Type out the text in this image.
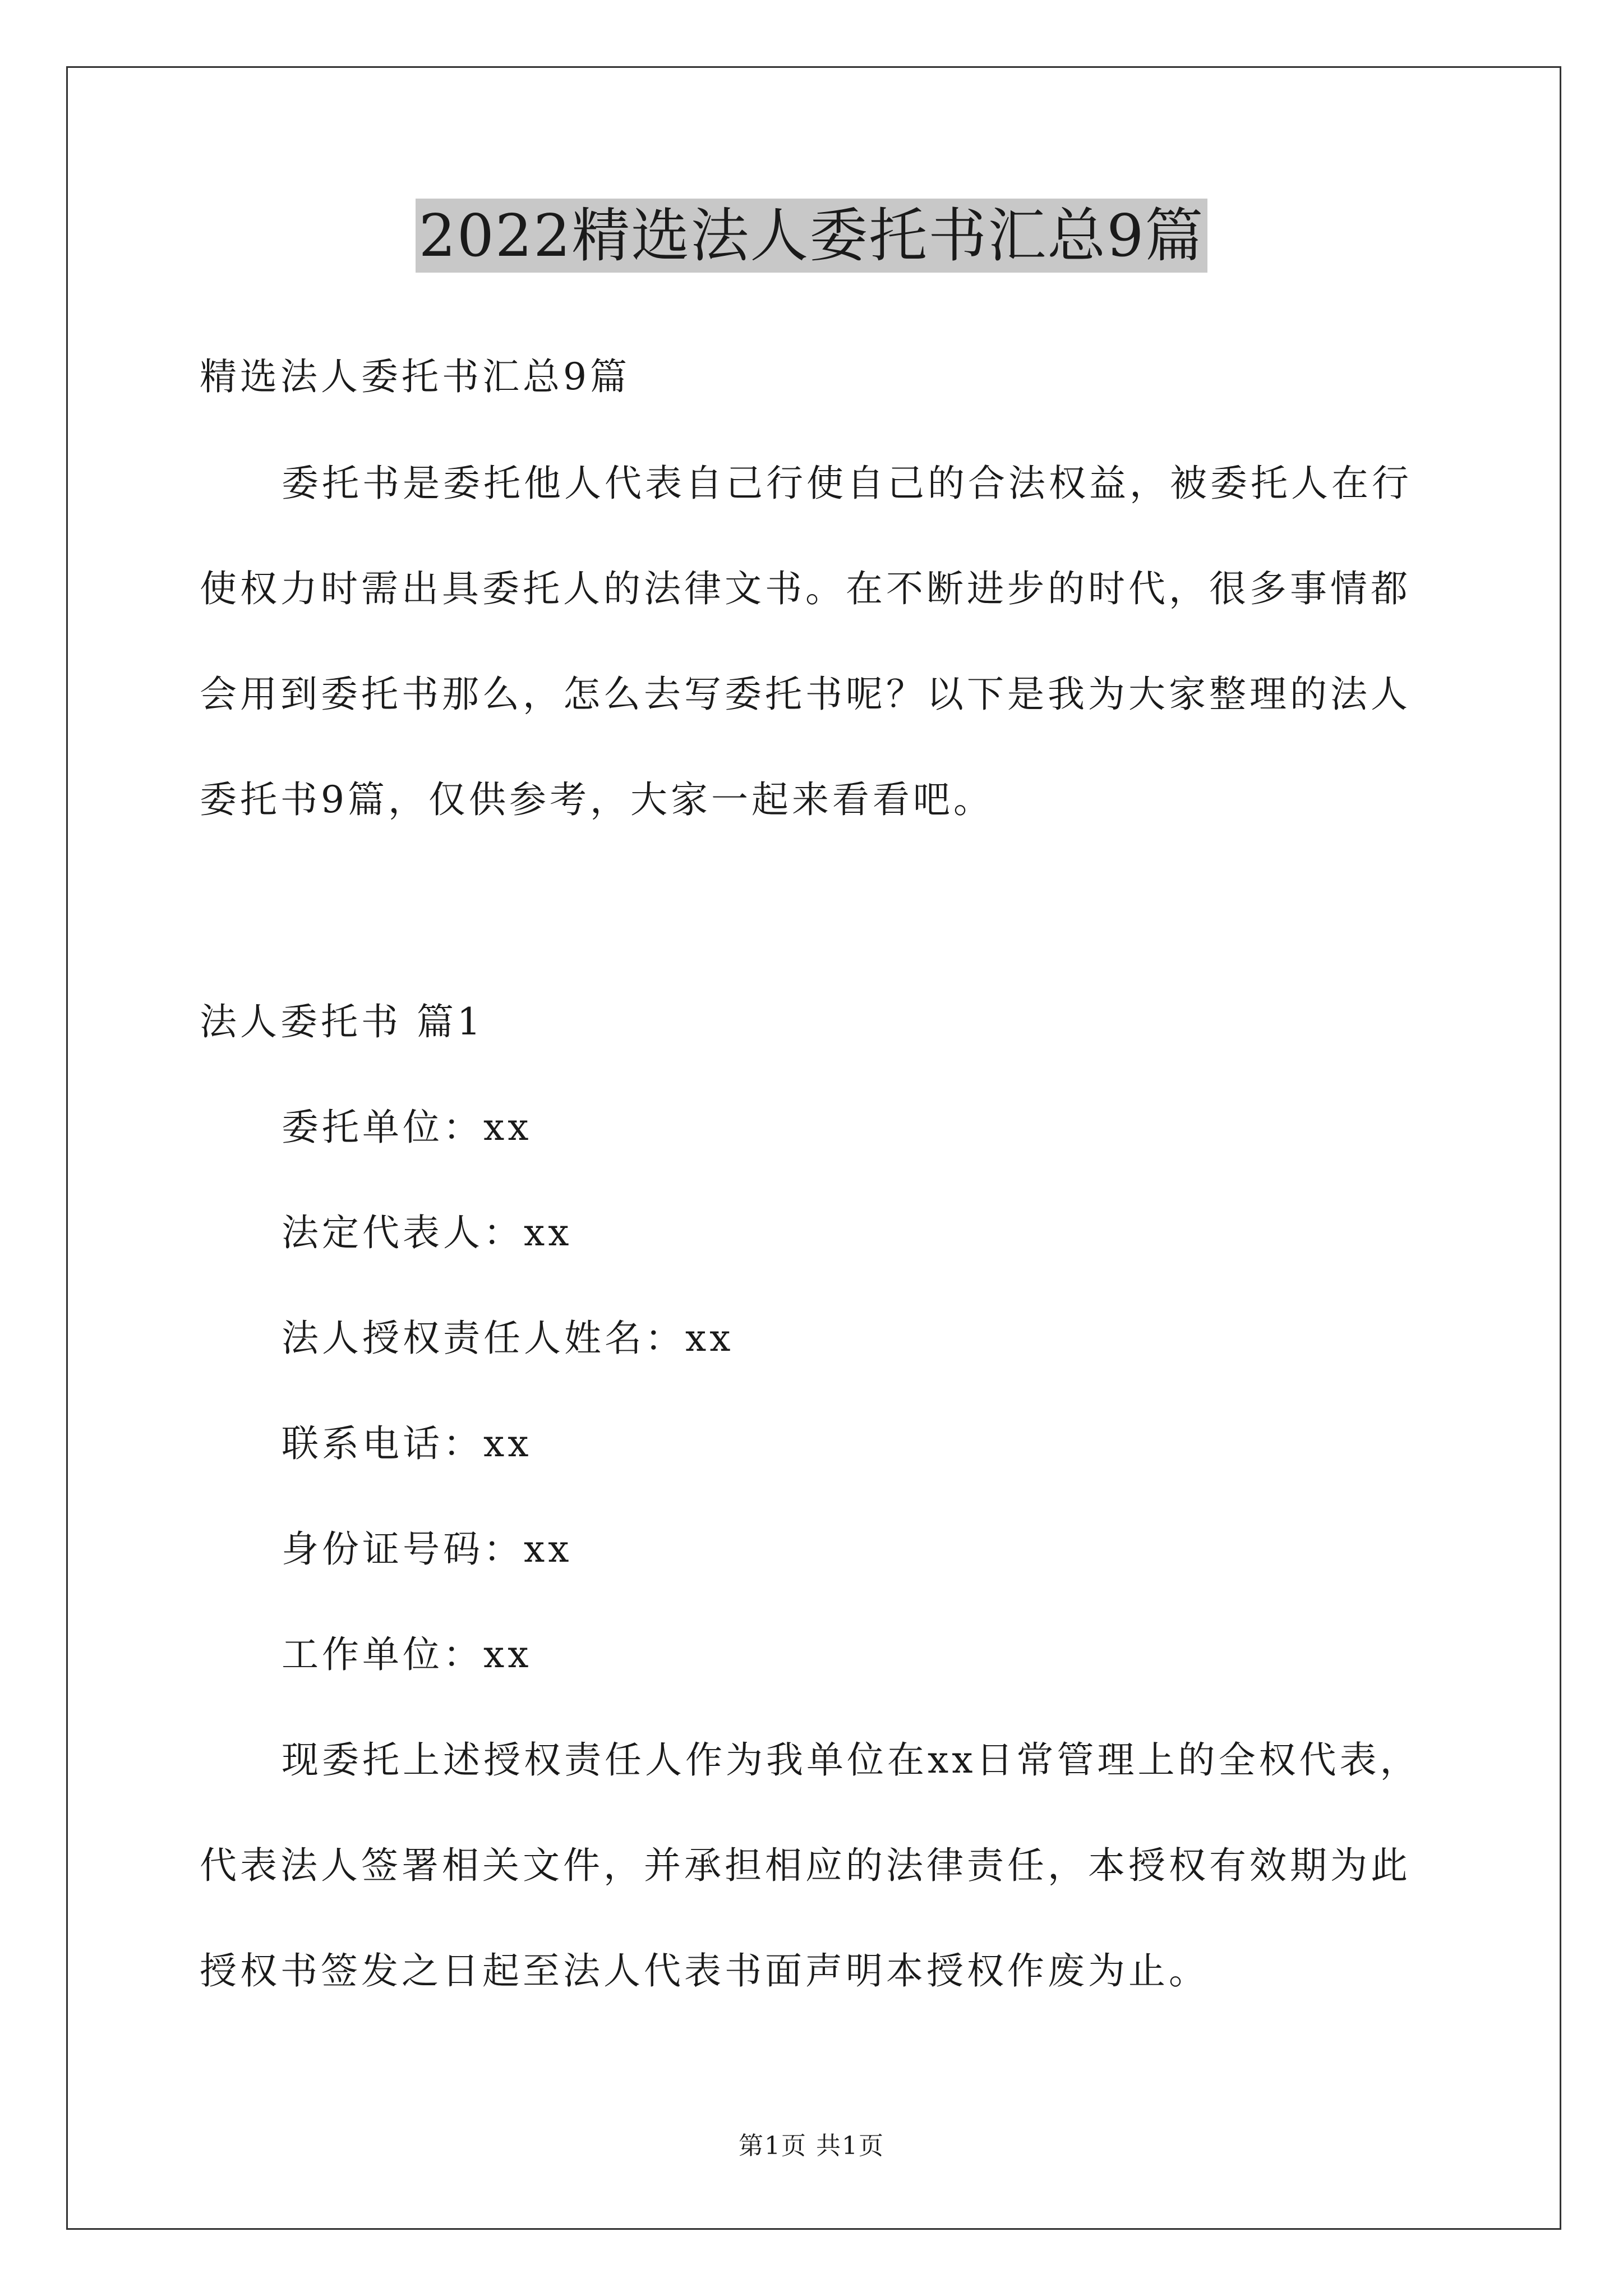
2022精选法人委托书汇总9篇
精选法人委托书汇总9篇
委托书是委托他人代表自己行使自己的合法权益，被委托人在行
使权力时需出具委托人的法律文书。在不断进步的时代，很多事情都
会用到委托书那么，怎么去写委托书呢？以下是我为大家整理的法人
委托书9篇，仅供参考，大家一起来看看吧。
法人委托书 篇1
委托单位：xx
法定代表人：xx
法人授权责任人姓名：xx
联系电话：xx
身份证号码：xx
工作单位：xx
现委托上述授权责任人作为我单位在xx日常管理上的全权代表，
代表法人签署相关文件，并承担相应的法律责任，本授权有效期为此
授权书签发之日起至法人代表书面声明本授权作废为止。
第1页 共1页
